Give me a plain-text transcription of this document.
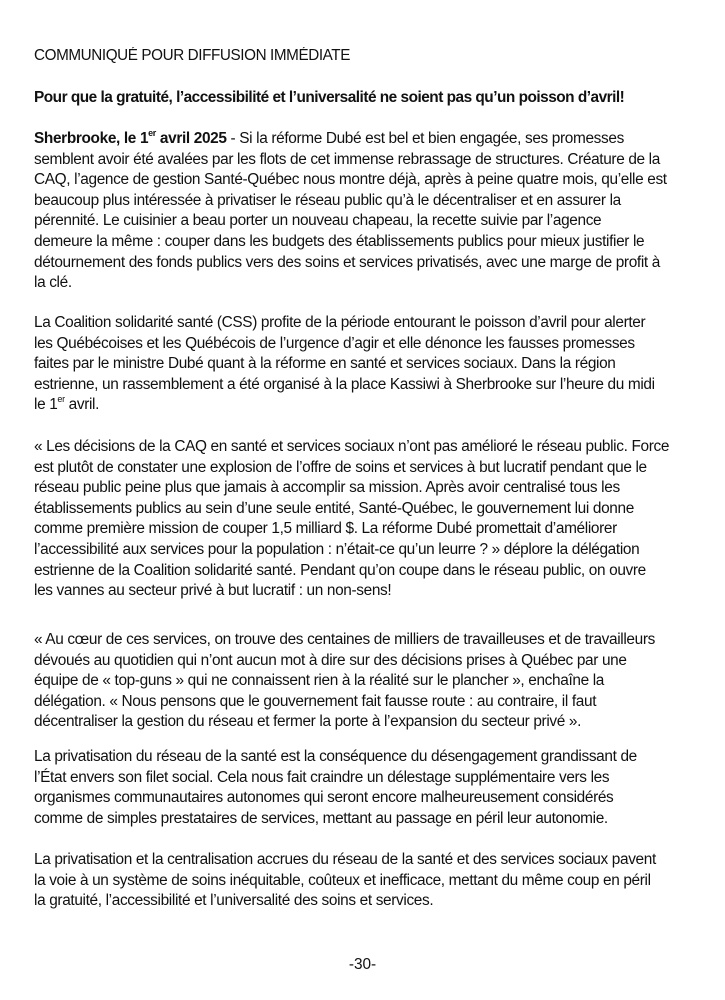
COMMUNIQUÉ POUR DIFFUSION IMMÉDIATE
Pour que la gratuité, l’accessibilité et l’universalité ne soient pas qu’un poisson d’avril!
Sherbrooke, le 1er avril 2025 - Si la réforme Dubé est bel et bien engagée, ses promesses
semblent avoir été avalées par les flots de cet immense rebrassage de structures. Créature de la
CAQ, l’agence de gestion Santé-Québec nous montre déjà, après à peine quatre mois, qu’elle est
beaucoup plus intéressée à privatiser le réseau public qu’à le décentraliser et en assurer la
pérennité. Le cuisinier a beau porter un nouveau chapeau, la recette suivie par l’agence
demeure la même : couper dans les budgets des établissements publics pour mieux justifier le
détournement des fonds publics vers des soins et services privatisés, avec une marge de profit à
la clé.
La Coalition solidarité santé (CSS) profite de la période entourant le poisson d’avril pour alerter
les Québécoises et les Québécois de l’urgence d’agir et elle dénonce les fausses promesses
faites par le ministre Dubé quant à la réforme en santé et services sociaux. Dans la région
estrienne, un rassemblement a été organisé à la place Kassiwi à Sherbrooke sur l’heure du midi
le 1er avril.
« Les décisions de la CAQ en santé et services sociaux n’ont pas amélioré le réseau public. Force
est plutôt de constater une explosion de l’offre de soins et services à but lucratif pendant que le
réseau public peine plus que jamais à accomplir sa mission. Après avoir centralisé tous les
établissements publics au sein d’une seule entité, Santé-Québec, le gouvernement lui donne
comme première mission de couper 1,5 milliard $. La réforme Dubé promettait d’améliorer
l’accessibilité aux services pour la population : n’était-ce qu’un leurre ? » déplore la délégation
estrienne de la Coalition solidarité santé. Pendant qu’on coupe dans le réseau public, on ouvre
les vannes au secteur privé à but lucratif : un non-sens!
« Au cœur de ces services, on trouve des centaines de milliers de travailleuses et de travailleurs
dévoués au quotidien qui n’ont aucun mot à dire sur des décisions prises à Québec par une
équipe de « top-guns » qui ne connaissent rien à la réalité sur le plancher », enchaîne la
délégation. « Nous pensons que le gouvernement fait fausse route : au contraire, il faut
décentraliser la gestion du réseau et fermer la porte à l’expansion du secteur privé ».
La privatisation du réseau de la santé est la conséquence du désengagement grandissant de
l’État envers son filet social. Cela nous fait craindre un délestage supplémentaire vers les
organismes communautaires autonomes qui seront encore malheureusement considérés
comme de simples prestataires de services, mettant au passage en péril leur autonomie.
La privatisation et la centralisation accrues du réseau de la santé et des services sociaux pavent
la voie à un système de soins inéquitable, coûteux et inefficace, mettant du même coup en péril
la gratuité, l’accessibilité et l’universalité des soins et services.
-30-
